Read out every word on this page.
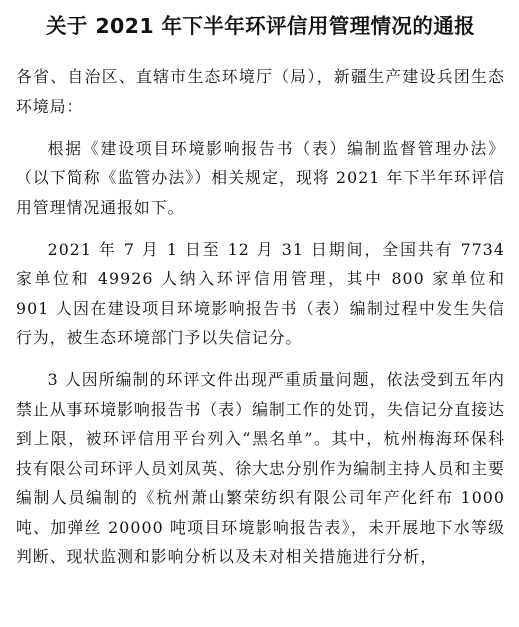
关于 2021 年下半年环评信用管理情况的通报

各省、自治区、直辖市生态环境厅（局），新疆生产建设兵团生态环境局：

根据《建设项目环境影响报告书（表）编制监督管理办法》（以下简称《监管办法》）相关规定，现将 2021 年下半年环评信用管理情况通报如下。

2021 年 7 月 1 日至 12 月 31 日期间，全国共有 7734 家单位和 49926 人纳入环评信用管理，其中 800 家单位和 901 人因在建设项目环境影响报告书（表）编制过程中发生失信行为，被生态环境部门予以失信记分。

3 人因所编制的环评文件出现严重质量问题，依法受到五年内禁止从事环境影响报告书（表）编制工作的处罚，失信记分直接达到上限，被环评信用平台列入“黑名单”。其中，杭州梅海环保科技有限公司环评人员刘凤英、徐大忠分别作为编制主持人员和主要编制人员编制的《杭州萧山繁荣纺织有限公司年产化纤布 1000 吨、加弹丝 20000 吨项目环境影响报告表》，未开展地下水等级判断、现状监测和影响分析以及未对相关措施进行分析，
